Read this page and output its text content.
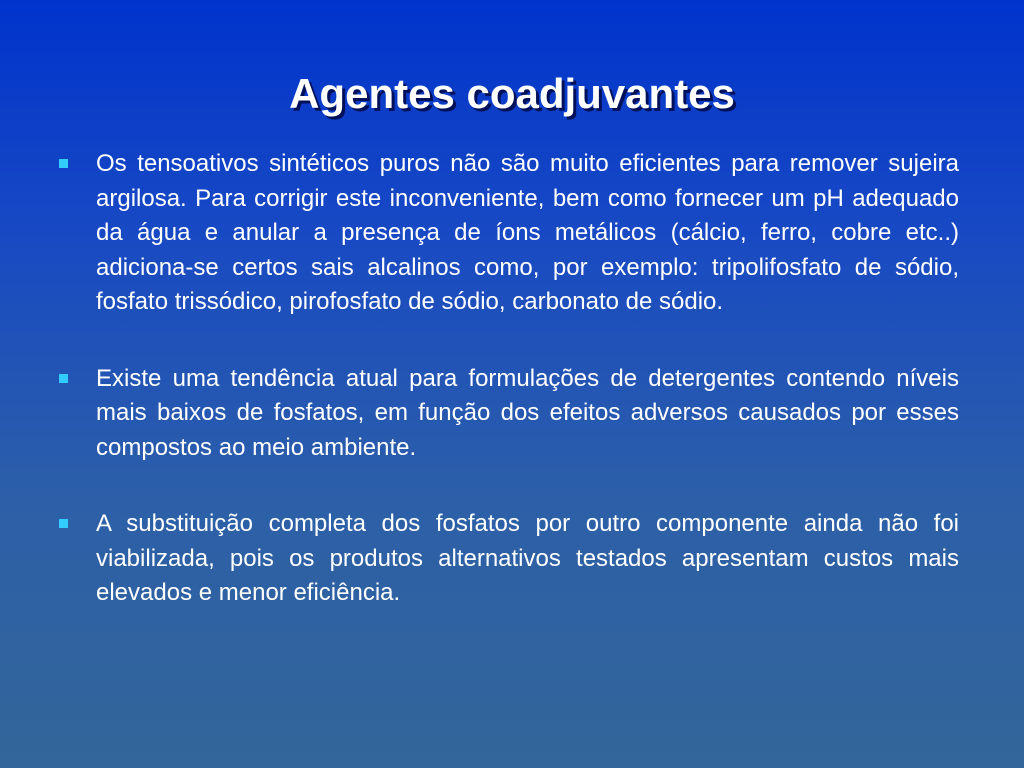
Agentes coadjuvantes
Os tensoativos sintéticos puros não são muito eficientes para remover sujeira argilosa. Para corrigir este inconveniente, bem como fornecer um pH adequado da água e anular a presença de íons metálicos (cálcio, ferro, cobre etc..) adiciona-se certos sais alcalinos como, por exemplo: tripolifosfato de sódio, fosfato trissódico, pirofosfato de sódio, carbonato de sódio.
Existe uma tendência atual para formulações de detergentes contendo níveis mais baixos de fosfatos, em função dos efeitos adversos causados por esses compostos ao meio ambiente.
A substituição completa dos fosfatos por outro componente ainda não foi viabilizada, pois os produtos alternativos testados apresentam custos mais elevados e menor eficiência.
